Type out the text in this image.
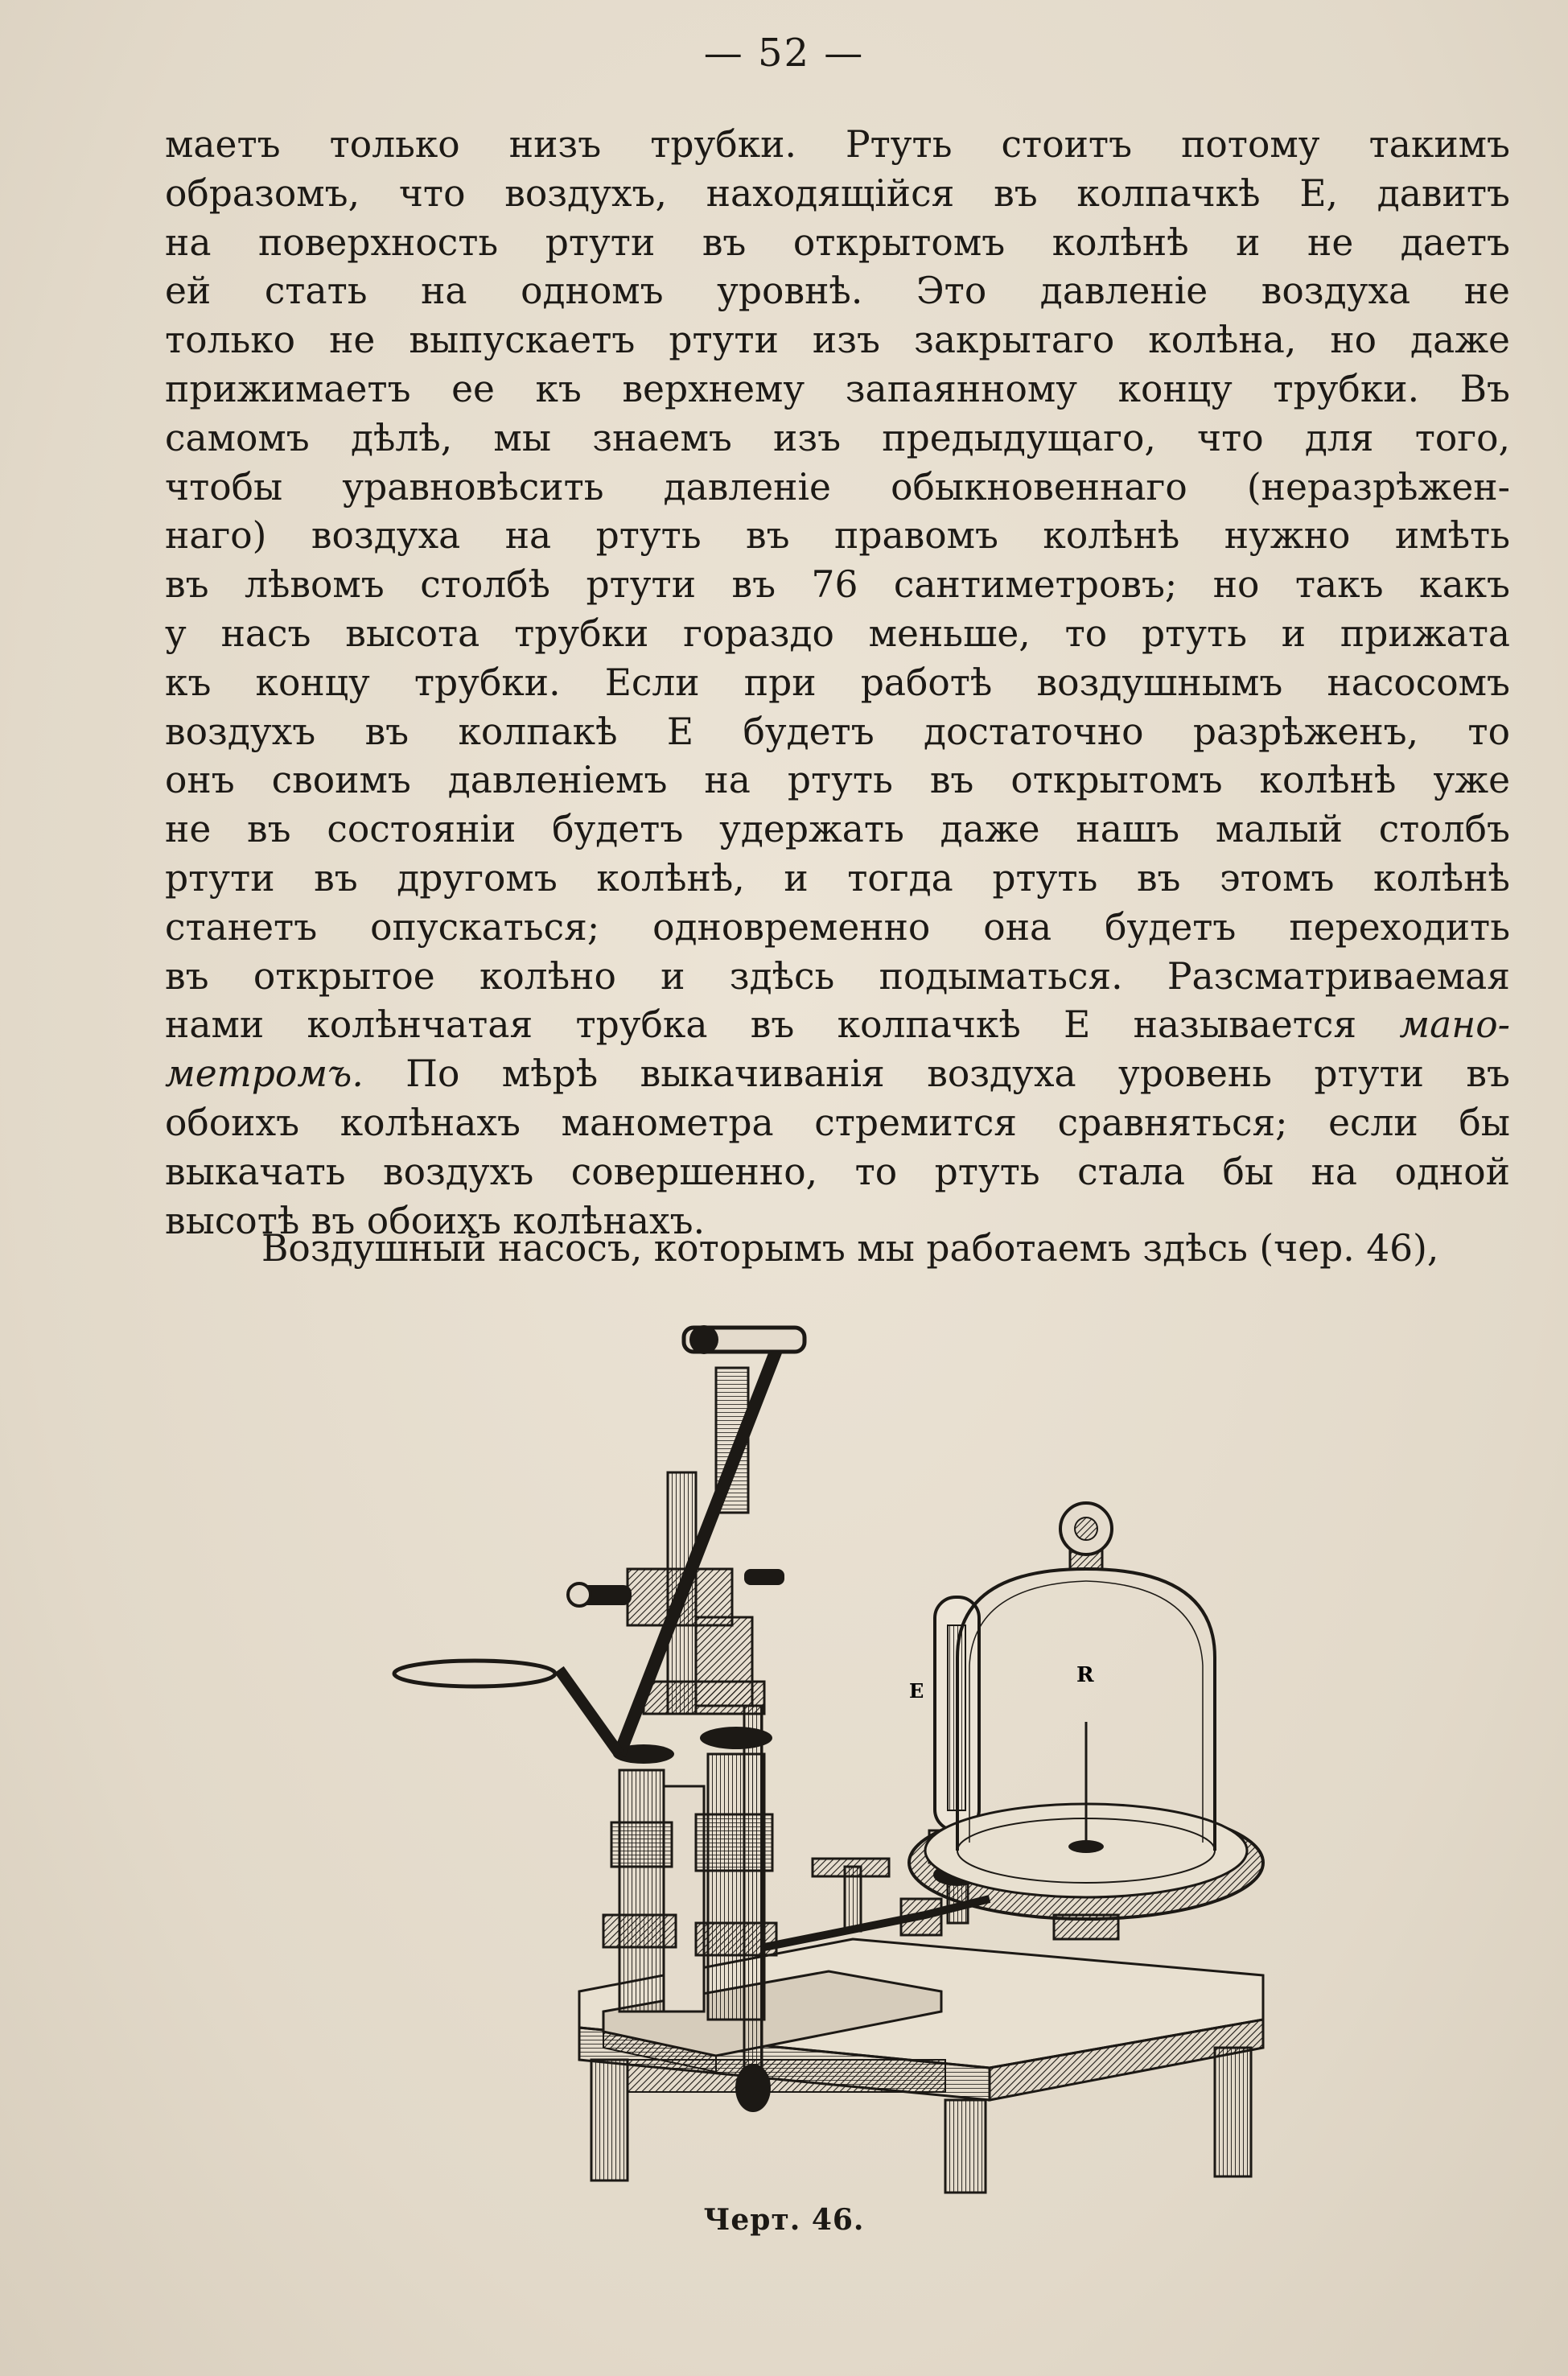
— 52 —
маетъ только низъ трубки. Ртуть стоитъ потому такимъ
образомъ, что воздухъ, находящійся въ колпачкѣ Е, давитъ
на поверхность ртути въ открытомъ колѣнѣ и не даетъ
ей стать на одномъ уровнѣ. Это давленіе воздуха не
только не выпускаетъ ртути изъ закрытаго колѣна, но даже
прижимаетъ ее къ верхнему запаянному концу трубки. Въ
самомъ дѣлѣ, мы знаемъ изъ предыдущаго, что для того,
чтобы уравновѣсить давленіе обыкновеннаго (неразрѣжен-
наго) воздуха на ртуть въ правомъ колѣнѣ нужно имѣть
въ лѣвомъ столбѣ ртути въ 76 сантиметровъ; но такъ какъ
у насъ высота трубки гораздо меньше, то ртуть и прижата
къ концу трубки. Если при работѣ воздушнымъ насосомъ
воздухъ въ колпакѣ Е будетъ достаточно разрѣженъ, то
онъ своимъ давленіемъ на ртуть въ открытомъ колѣнѣ уже
не въ состояніи будетъ удержать даже нашъ малый столбъ
ртути въ другомъ колѣнѣ, и тогда ртуть въ этомъ колѣнѣ
станетъ опускаться; одновременно она будетъ переходить
въ открытое колѣно и здѣсь подыматься. Разсматриваемая
нами колѣнчатая трубка въ колпачкѣ Е называется мано-
метромъ. По мѣрѣ выкачиванія воздуха уровень ртути въ
обоихъ колѣнахъ манометра стремится сравняться; если бы
выкачать воздухъ совершенно, то ртуть стала бы на одной
высотѣ въ обоихъ колѣнахъ.
Воздушный насосъ, которымъ мы работаемъ здѣсь (чер. 46),
E
R
Черт. 46.
